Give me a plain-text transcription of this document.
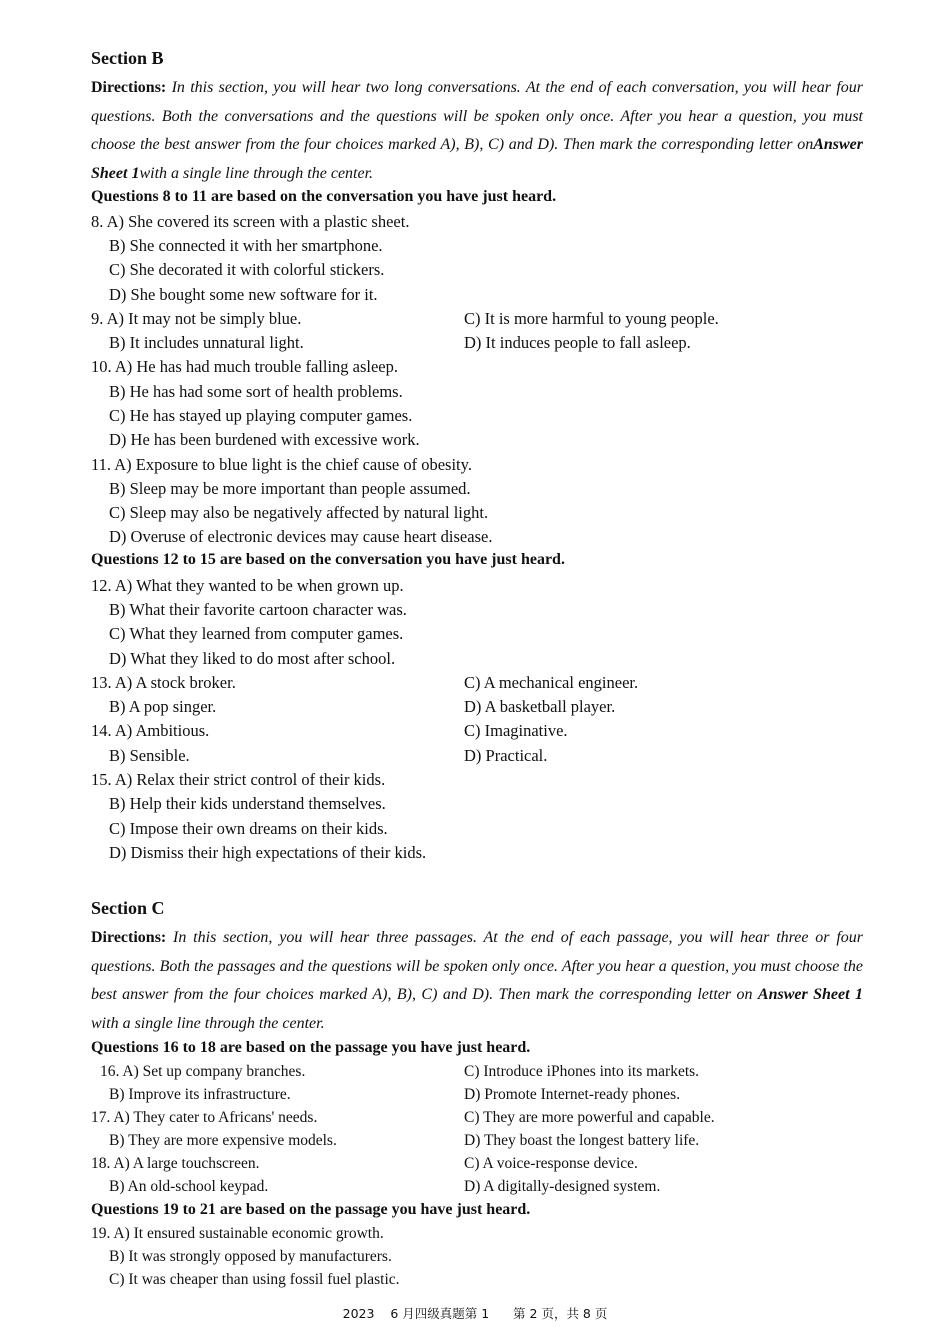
Section B
Directions: In this section, you will hear two long conversations. At the end of each conversation, you will hear four questions. Both the conversations and the questions will be spoken only once. After you hear a question, you must choose the best answer from the four choices marked A), B), C) and D). Then mark the corresponding letter onAnswer Sheet 1with a single line through the center.
Questions 8 to 11 are based on the conversation you have just heard.
8. A) She covered its screen with a plastic sheet.
B) She connected it with her smartphone.
C) She decorated it with colorful stickers.
D) She bought some new software for it.
9. A) It may not be simply blue.	C) It is more harmful to young people.
B) It includes unnatural light.	D) It induces people to fall asleep.
10. A) He has had much trouble falling asleep.
B) He has had some sort of health problems.
C) He has stayed up playing computer games.
D) He has been burdened with excessive work.
11. A) Exposure to blue light is the chief cause of obesity.
B) Sleep may be more important than people assumed.
C) Sleep may also be negatively affected by natural light.
D) Overuse of electronic devices may cause heart disease.
Questions 12 to 15 are based on the conversation you have just heard.
12. A) What they wanted to be when grown up.
B) What their favorite cartoon character was.
C) What they learned from computer games.
D) What they liked to do most after school.
13. A) A stock broker.	C) A mechanical engineer.
B) A pop singer.	D) A basketball player.
14. A) Ambitious.	C) Imaginative.
B) Sensible.	D) Practical.
15. A) Relax their strict control of their kids.
B) Help their kids understand themselves.
C) Impose their own dreams on their kids.
D) Dismiss their high expectations of their kids.
Section C
Directions: In this section, you will hear three passages. At the end of each passage, you will hear three or four questions. Both the passages and the questions will be spoken only once. After you hear a question, you must choose the best answer from the four choices marked A), B), C) and D). Then mark the corresponding letter on Answer Sheet 1 with a single line through the center.
Questions 16 to 18 are based on the passage you have just heard.
16. A) Set up company branches.	C) Introduce iPhones into its markets.
B) Improve its infrastructure.	D) Promote Internet-ready phones.
17. A) They cater to Africans' needs.	C) They are more powerful and capable.
B) They are more expensive models.	D) They boast the longest battery life.
18. A) A large touchscreen.	C) A voice-response device.
B) An old-school keypad.	D) A digitally-designed system.
Questions 19 to 21 are based on the passage you have just heard.
19. A) It ensured sustainable economic growth.
B) It was strongly opposed by manufacturers.
C) It was cheaper than using fossil fuel plastic.
2023    6 月四级真题第 1      第 2 页，共 8 页
